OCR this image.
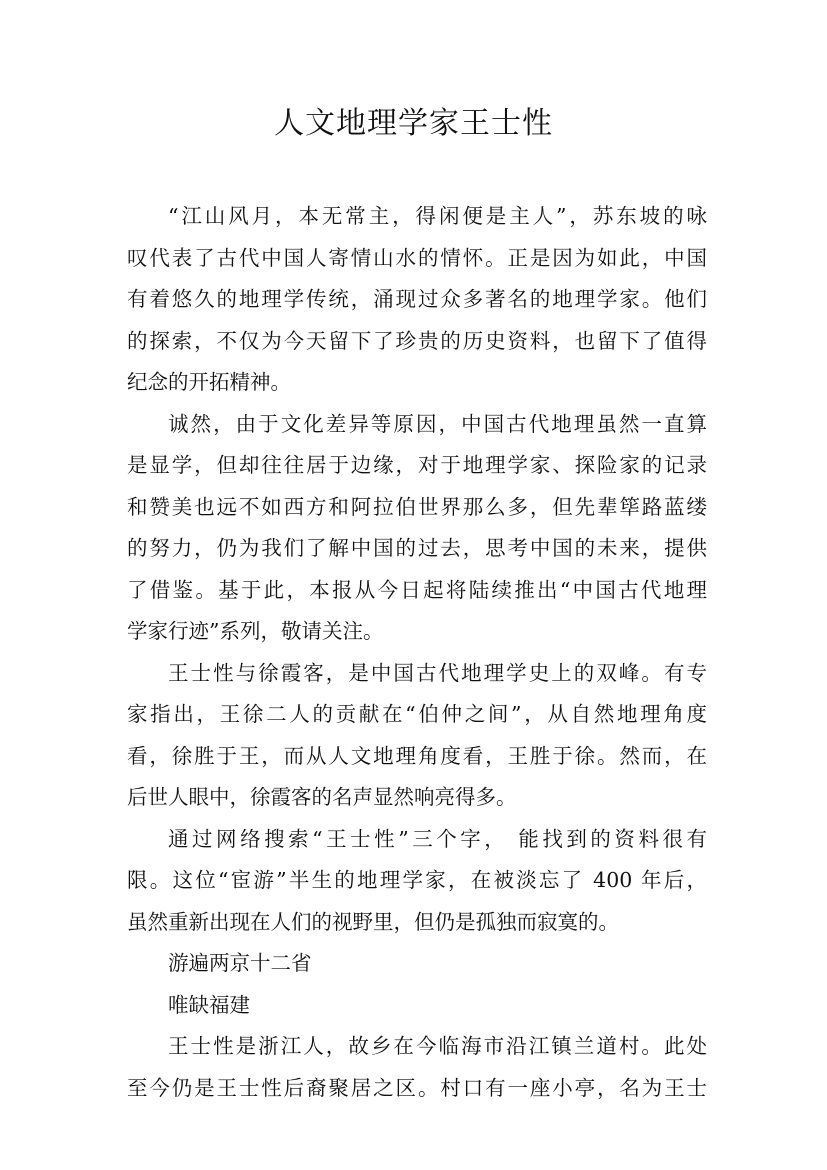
人文地理学家王士性
“江山风月，本无常主，得闲便是主人”，苏东坡的咏
叹代表了古代中国人寄情山水的情怀。正是因为如此，中国
有着悠久的地理学传统，涌现过众多著名的地理学家。他们
的探索，不仅为今天留下了珍贵的历史资料，也留下了值得
纪念的开拓精神。
诚然，由于文化差异等原因，中国古代地理虽然一直算
是显学，但却往往居于边缘，对于地理学家、探险家的记录
和赞美也远不如西方和阿拉伯世界那么多，但先辈筚路蓝缕
的努力，仍为我们了解中国的过去，思考中国的未来，提供
了借鉴。基于此，本报从今日起将陆续推出“中国古代地理
学家行迹”系列，敬请关注。
王士性与徐霞客，是中国古代地理学史上的双峰。有专
家指出，王徐二人的贡献在“伯仲之间”，从自然地理角度
看，徐胜于王，而从人文地理角度看，王胜于徐。然而，在
后世人眼中，徐霞客的名声显然响亮得多。
通过网络搜索“王士性”三个字， 能找到的资料很有
限。这位“宦游”半生的地理学家，在被淡忘了 400 年后，
虽然重新出现在人们的视野里，但仍是孤独而寂寞的。
游遍两京十二省
唯缺福建
王士性是浙江人，故乡在今临海市沿江镇兰道村。此处
至今仍是王士性后裔聚居之区。村口有一座小亭，名为王士
